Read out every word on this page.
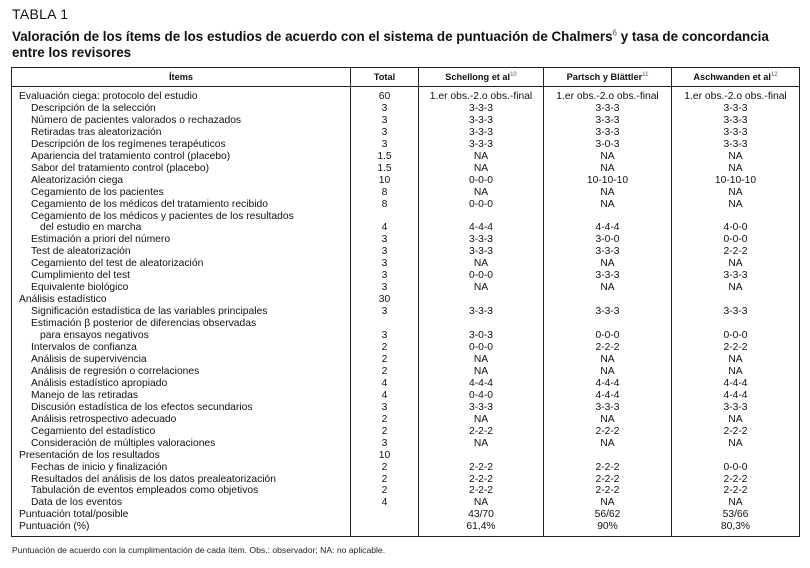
TABLA 1
Valoración de los ítems de los estudios de acuerdo con el sistema de puntuación de Chalmers$^6$ y tasa de concordancia entre los revisores
Ítems	Total	Schellong et $al^{10}$	Partsch y Blättler$^{11}$	Aschwanden et $al^{12}$
Evaluación ciega: protocolo del estudio	60	1.er obs.-2.o obs.-final	1.er obs.-2.o obs.-final	1.er obs.-2.o obs.-final
Descripción de la selección	3	3-3-3	3-3-3	3-3-3
Número de pacientes valorados o rechazados	3	3-3-3	3-3-3	3-3-3
Retiradas tras aleatorización	3	3-3-3	3-3-3	3-3-3
Descripción de los regímenes terapéuticos	3	3-3-3	3-0-3	3-3-3
Apariencia del tratamiento control (placebo)	1.5	NA	NA	NA
Sabor del tratamiento control (placebo)	1.5	NA	NA	NA
Aleatorización ciega	10	0-0-0	10-10-10	10-10-10
Cegamiento de los pacientes	8	NA	NA	NA
Cegamiento de los médicos del tratamiento recibido	8	0-0-0	NA	NA
Cegamiento de los médicos y pacientes de los resultados				
del estudio en marcha	4	4-4-4	4-4-4	4-0-0
Estimación a priori del número	3	3-3-3	3-0-0	0-0-0
Test de aleatorización	3	3-3-3	3-3-3	2-2-2
Cegamiento del test de aleatorización	3	NA	NA	NA
Cumplimiento del test	3	0-0-0	3-3-3	3-3-3
Equivalente biológico	3	NA	NA	NA
Análisis estadístico	30			
Significación estadística de las variables principales	3	3-3-3	3-3-3	3-3-3
Estimación β posterior de diferencias observadas				
para ensayos negativos	3	3-0-3	0-0-0	0-0-0
Intervalos de confianza	2	0-0-0	2-2-2	2-2-2
Análisis de supervivencia	2	NA	NA	NA
Análisis de regresión o correlaciones	2	NA	NA	NA
Análisis estadístico apropiado	4	4-4-4	4-4-4	4-4-4
Manejo de las retiradas	4	0-4-0	4-4-4	4-4-4
Discusión estadística de los efectos secundarios	3	3-3-3	3-3-3	3-3-3
Análisis retrospectivo adecuado	2	NA	NA	NA
Cegamiento del estadístico	2	2-2-2	2-2-2	2-2-2
Consideración de múltiples valoraciones	3	NA	NA	NA
Presentación de los resultados	10			
Fechas de inicio y finalización	2	2-2-2	2-2-2	0-0-0
Resultados del análisis de los datos prealeatorización	2	2-2-2	2-2-2	2-2-2
Tabulación de eventos empleados como objetivos	2	2-2-2	2-2-2	2-2-2
Data de los eventos	4	NA	NA	NA
Puntuación total/posible		43/70	56/62	53/66
Puntuación (%)		61,4%	90%	80,3%
Puntuación de acuerdo con la cumplimentación de cada ítem. Obs.: observador; NA: no aplicable.
